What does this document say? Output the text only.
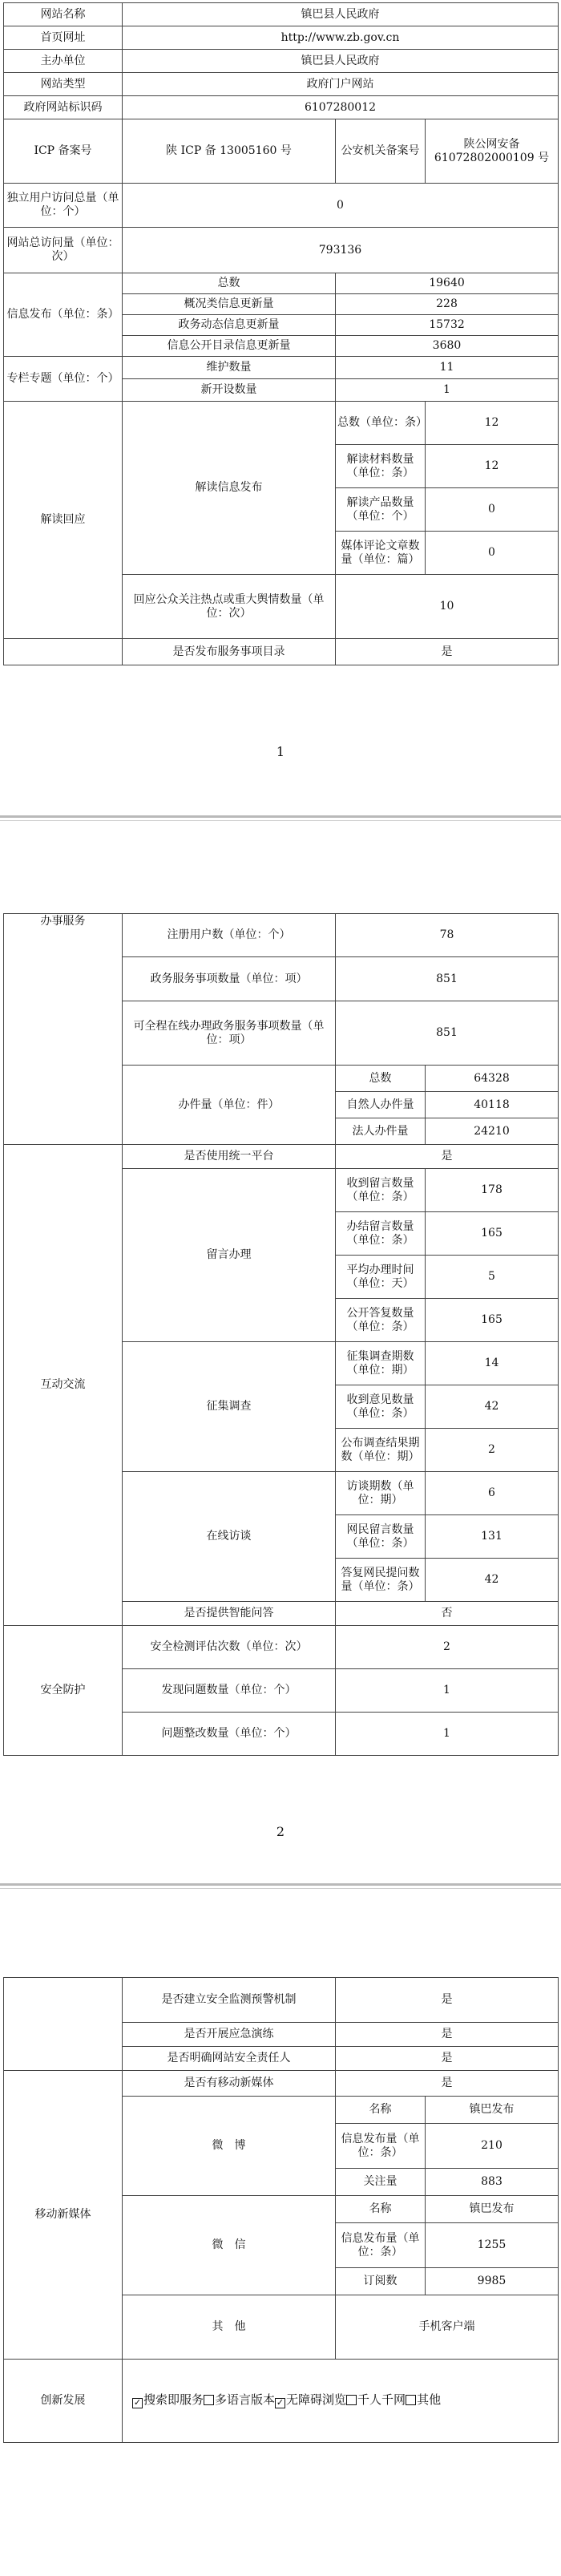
网站名称	镇巴县人民政府		
首页网址	http://www.zb.gov.cn		
主办单位	镇巴县人民政府		
网站类型	政府门户网站		
政府网站标识码	6107280012		
ICP 备案号	陕 ICP 备 13005160 号	公安机关备案号	陕公网安备 61072802000109 号
独立用户访问总量（单位：个）	0		
网站总访问量（单位：次）	793136		
信息发布（单位：条）	总数	19640	
	概况类信息更新量	228	
	政务动态信息更新量	15732	
	信息公开目录信息更新量	3680	
专栏专题（单位：个）	维护数量	11	
	新开设数量	1	
解读回应	解读信息发布	总数（单位：条）	12
		解读材料数量（单位：条）	12
		解读产品数量（单位：个）	0
		媒体评论文章数量（单位：篇）	0
	回应公众关注热点或重大舆情数量（单位：次）	10	
	是否发布服务事项目录	是	
1
办事服务	注册用户数（单位：个）	78	
	政务服务事项数量（单位：项）	851	
	可全程在线办理政务服务事项数量（单位：项）	851	
	办件量（单位：件）	总数	64328
		自然人办件量	40118
		法人办件量	24210
互动交流	是否使用统一平台	是	
	留言办理	收到留言数量（单位：条）	178
		办结留言数量（单位：条）	165
		平均办理时间（单位：天）	5
		公开答复数量（单位：条）	165
	征集调查	征集调查期数（单位：期）	14
		收到意见数量（单位：条）	42
		公布调查结果期数（单位：期）	2
	在线访谈	访谈期数（单位：期）	6
		网民留言数量（单位：条）	131
		答复网民提问数量（单位：条）	42
	是否提供智能问答	否	
安全防护	安全检测评估次数（单位：次）	2	
	发现问题数量（单位：个）	1	
	问题整改数量（单位：个）	1	
2
	是否建立安全监测预警机制	是	
	是否开展应急演练	是	
	是否明确网站安全责任人	是	
移动新媒体	是否有移动新媒体	是	
	微　博	名称	镇巴发布
		信息发布量（单位：条）	210
		关注量	883
	微　信	名称	镇巴发布
		信息发布量（单位：条）	1255
		订阅数	9985
	其　他	手机客户端	
创新发展	✓ 搜索即服务 多语言版本 ✓ 无障碍浏览 千人千网 其他		
